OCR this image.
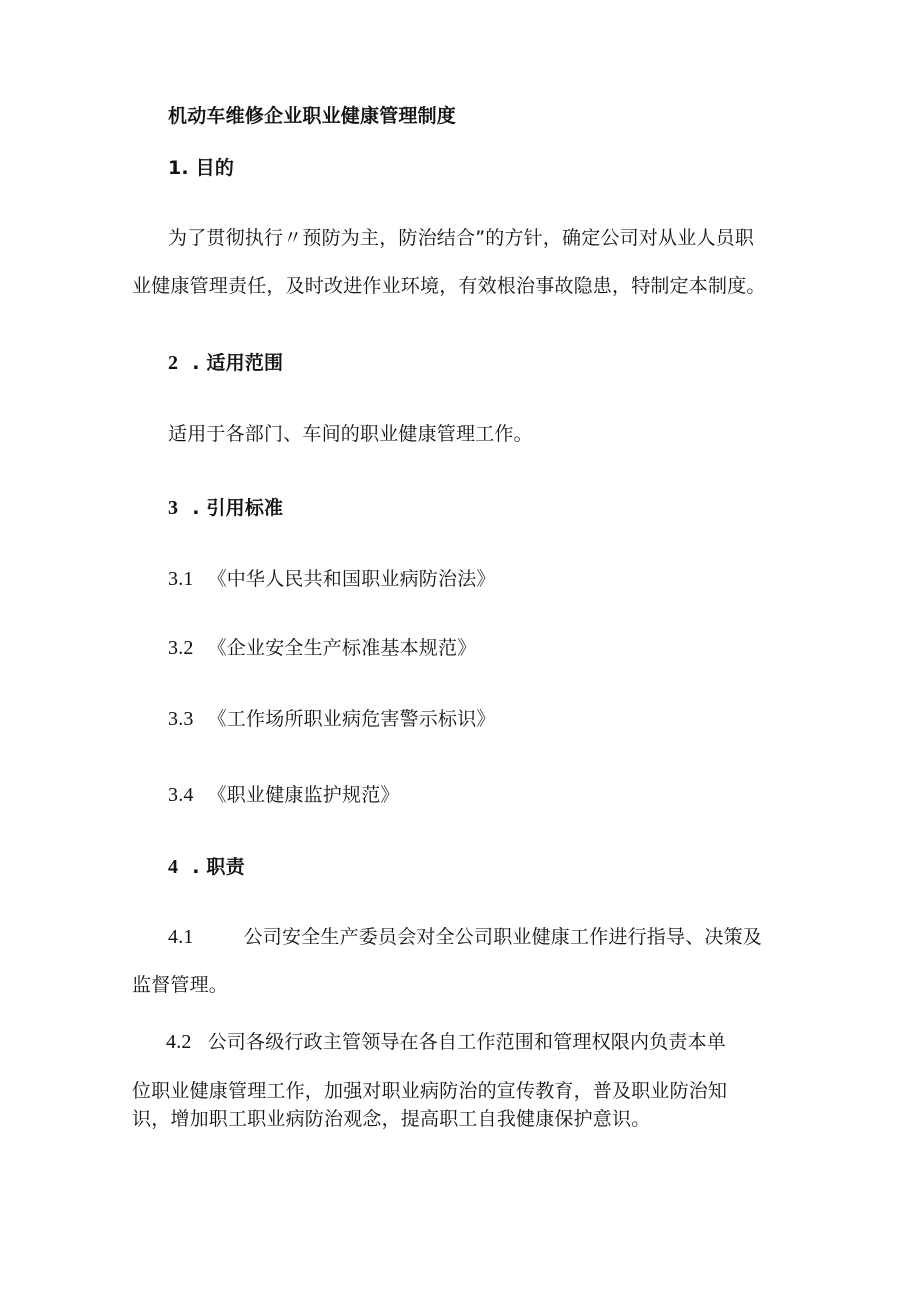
机动车维修企业职业健康管理制度
1. 目的
为了贯彻执行〃预防为主，防治结合”的方针，确定公司对从业人员职
业健康管理责任，及时改进作业环境，有效根治事故隐患，特制定本制度。
2 . 适用范围
适用于各部门、车间的职业健康管理工作。
3 . 引用标准
3.1 《中华人民共和国职业病防治法》
3.2 《企业安全生产标准基本规范》
3.3 《工作场所职业病危害警示标识》
3.4 《职业健康监护规范》
4 . 职责
4.1	公司安全生产委员会对全公司职业健康工作进行指导、决策及
监督管理。
4.2 公司各级行政主管领导在各自工作范围和管理权限内负责本单
位职业健康管理工作，加强对职业病防治的宣传教育，普及职业防治知
识，增加职工职业病防治观念，提高职工自我健康保护意识。
